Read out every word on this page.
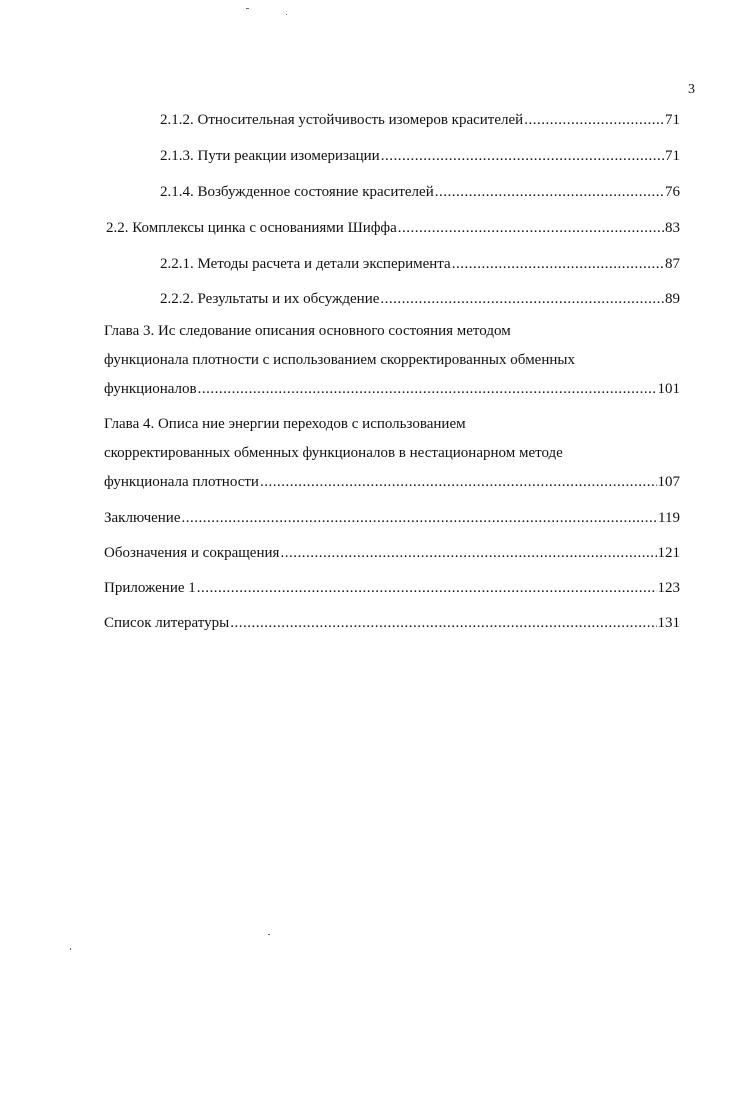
3
2.1.2. Относительная устойчивость изомеров красителей .....	71
2.1.3. Пути реакции изомеризации .....	71
2.1.4. Возбужденное состояние красителей .....	76
2.2. Комплексы цинка с основаниями Шиффа .....	83
2.2.1. Методы расчета и детали эксперимента .....	87
2.2.2. Результаты и их обсуждение .....	89
Глава 3. Ис следование описания основного состояния методом
функционала плотности с использованием скорректированных обменных
функционалов .....	101
Глава 4. Описа ние энергии переходов с использованием
скорректированных обменных функционалов в нестационарном методе
функционала плотности .....	107
Заключение .....	119
Обозначения и сокращения .....	121
Приложение 1 .....	123
Список литературы .....	131
